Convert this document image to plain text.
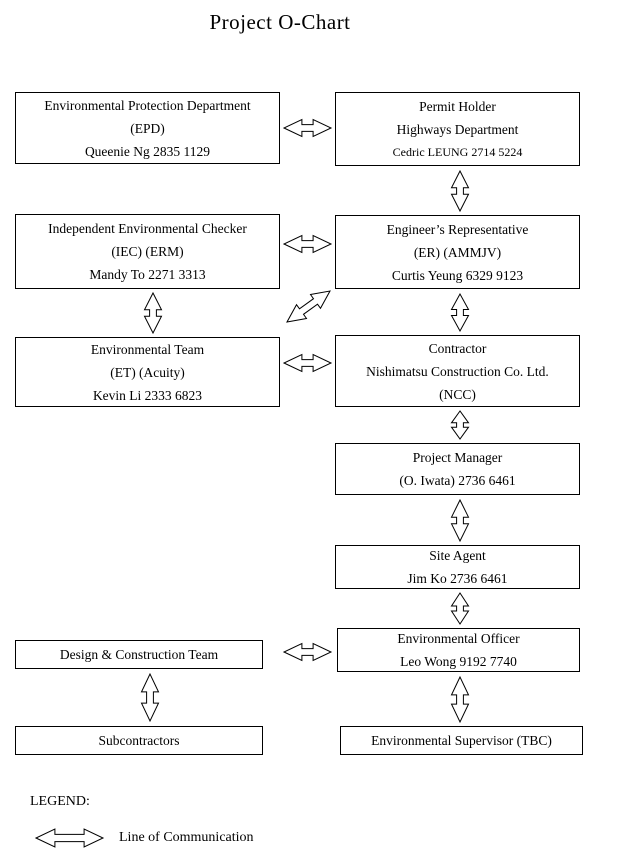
Project O-Chart
Environmental Protection Department
(EPD)
Queenie Ng 2835 1129
Permit Holder
Highways Department
Cedric LEUNG 2714 5224
Independent Environmental Checker
(IEC) (ERM)
Mandy To 2271 3313
Engineer’s Representative
(ER) (AMMJV)
Curtis Yeung 6329 9123
Environmental Team
(ET) (Acuity)
Kevin Li 2333 6823
Contractor
Nishimatsu Construction Co. Ltd.
(NCC)
Project Manager
(O. Iwata) 2736 6461
Site Agent
Jim Ko 2736 6461
Design & Construction Team
Environmental Officer
Leo Wong 9192 7740
Subcontractors	Environmental Supervisor (TBC)
LEGEND:
Line of Communication
